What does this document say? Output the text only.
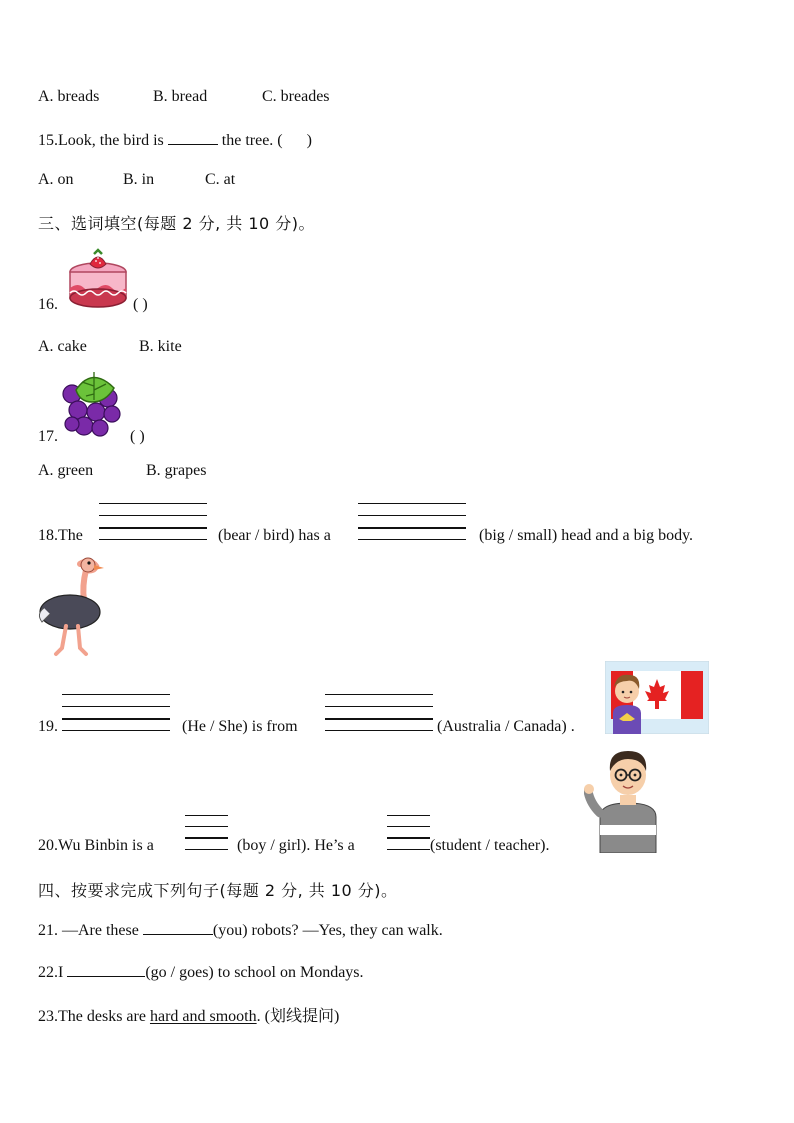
A. breads	B. bread	C. breades
15.Look, the bird is	the tree. ( )
A. on	B. in	C. at
三、选词填空(每题 2 分, 共 10 分)。
16.	( )
A. cake	B. kite
17.	( )
A. green	B. grapes
18.The	(bear / bird) has a	(big / small) head and a big body.
19.	(He / She) is from	(Australia / Canada) .
20.Wu Binbin is a	(boy / girl). He’s a	(student / teacher).
四、按要求完成下列句子(每题 2 分, 共 10 分)。
21. —Are these	(you) robots? —Yes, they can walk.
22.I	(go / goes) to school on Mondays.
23.The desks are hard and smooth. (划线提问)
